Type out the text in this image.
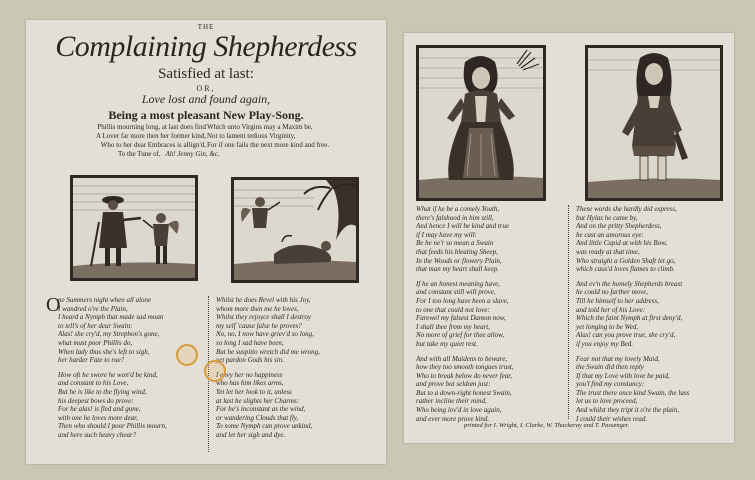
THE
Complaining Shepherdess
Satisfied at last:
OR,
Love lost and found again,
Being a most pleasant New Play-Song.
Phillis mourning long, at last does find
A Lover far more then her former kind,
Who to her dear Embraces is allign'd,
Which unto Virgins may a Maxim be,
Not to lament tedious Virginity,
For if one fails the next more kind and free.
To the Tune of, Ah! Jenny Gin, &c.
O
ne Summers night when all alone
I wandred o're the Plain,
I heard a Nymph that made sad moan
to tell's of her dear Swain:
Alas! she cry'd, my Strephon's gone,
what must poor Phillis do,
When lady thus she's left to sigh,
her harder Fate to rue?
How oft he swore he won'd be kind,
and constant to his Love,
But he is like to the flying wind,
his deepest bows do prove:
For he alas! is fled and gone,
with one he loves more dear,
Then who should I poor Phillis mourn,
and here such heavy chear?
Whilst he does Revel with his Joy,
whom more then me he loves,
Whilst they rejoyce shall I destroy
my self 'cause false he proves?
No, no, I now have griev'd so long,
so long I sad have been,
But he suspitio wretch did me wrong,
yet pardon Gods his sin.
I envy her no happiness
who has him likes arms,
Yet let her look to it, unless
at last he slights her Charms:
For he's inconstant as the wind,
or wandering Clouds that fly,
To some Nymph can prove unkind,
and let her sigh and dye.
What if he be a comely Youth,
there's falshood in him still,
And hence I will be kind and true
if I may have my will:
Be he ne'r so mean a Swain
that feeds his bleating Sheep,
In the Woods or flowery Plain,
that man my heart shall keep.
If he an honest meaning have,
and constant still will prove,
For I too long have been a slave,
to one that could not love:
Farewel my falsest Damon now,
I shall thee from my heart,
No more of grief for thee allow,
but take my quiet rest.
And with all Maidens to beware,
how they too smooth tongues trust,
Who to break below do never fear,
and prove but seldom just:
But to a down-right honest Swain,
rather incline their mind,
Who being lov'd in love again,
and ever more prove kind.
These words she hardly did express,
but Hylas he came by,
And on the pritty Shepherdess,
he cast an amorous eye:
And little Cupid at with his Bow,
was ready at that time,
Who straight a Golden Shaft let go,
which caus'd loves flames to climb.
And ev'n the homely Shepherds breast
he could no farther move,
Till he himself to her address,
and told her of his Love:
Which the faint Nymph at first deny'd,
yet longing to be Wed,
Alas! can you prove true, she cry'd,
if you enjoy my Bed.
Fear not that my lovely Maid,
the Swain did then reply
If that my Love with love be paid,
you'l find my constancy:
The trust there once kind Swain, the lass
let us to love proceed,
And whilst they tript it o're the plain,
I could their wishes read.
printed for I. Wright, I. Clarke, W. Thackeray and T. Passenger.
